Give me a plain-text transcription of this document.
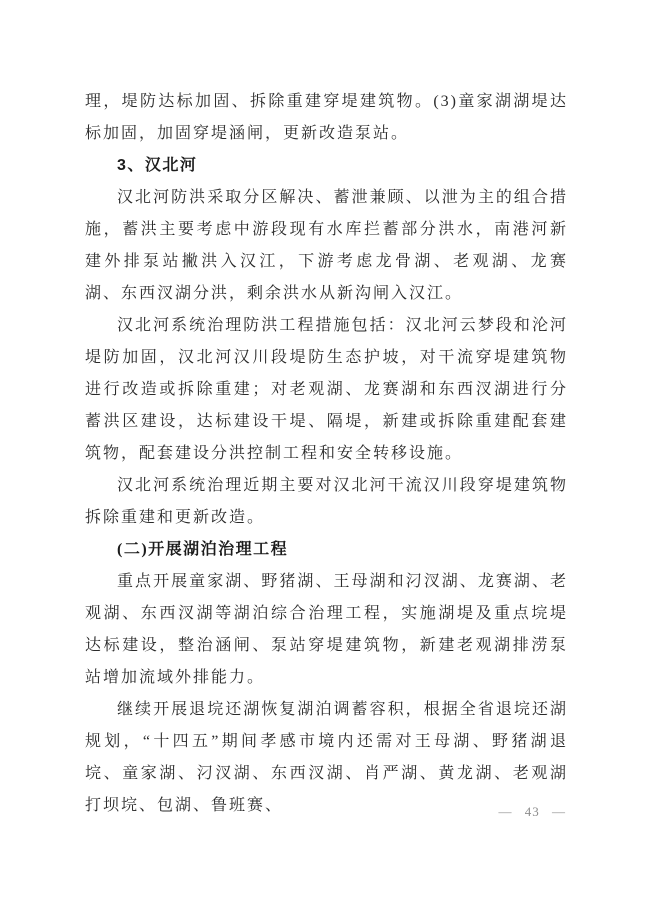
理，堤防达标加固、拆除重建穿堤建筑物。(3)童家湖湖堤达标加固，加固穿堤涵闸，更新改造泵站。

3、汉北河

汉北河防洪采取分区解决、蓄泄兼顾、以泄为主的组合措施，蓄洪主要考虑中游段现有水库拦蓄部分洪水，南港河新建外排泵站撇洪入汉江，下游考虑龙骨湖、老观湖、龙赛湖、东西汊湖分洪，剩余洪水从新沟闸入汉江。

汉北河系统治理防洪工程措施包括：汉北河云梦段和沦河堤防加固，汉北河汉川段堤防生态护坡，对干流穿堤建筑物进行改造或拆除重建；对老观湖、龙赛湖和东西汊湖进行分蓄洪区建设，达标建设干堤、隔堤，新建或拆除重建配套建筑物，配套建设分洪控制工程和安全转移设施。

汉北河系统治理近期主要对汉北河干流汉川段穿堤建筑物拆除重建和更新改造。

(二)开展湖泊治理工程

重点开展童家湖、野猪湖、王母湖和汈汊湖、龙赛湖、老观湖、东西汊湖等湖泊综合治理工程，实施湖堤及重点垸堤达标建设，整治涵闸、泵站穿堤建筑物，新建老观湖排涝泵站增加流域外排能力。

继续开展退垸还湖恢复湖泊调蓄容积，根据全省退垸还湖规划，“十四五”期间孝感市境内还需对王母湖、野猪湖退垸、童家湖、汈汊湖、东西汊湖、肖严湖、黄龙湖、老观湖打坝垸、包湖、鲁班赛、	— 43 —
